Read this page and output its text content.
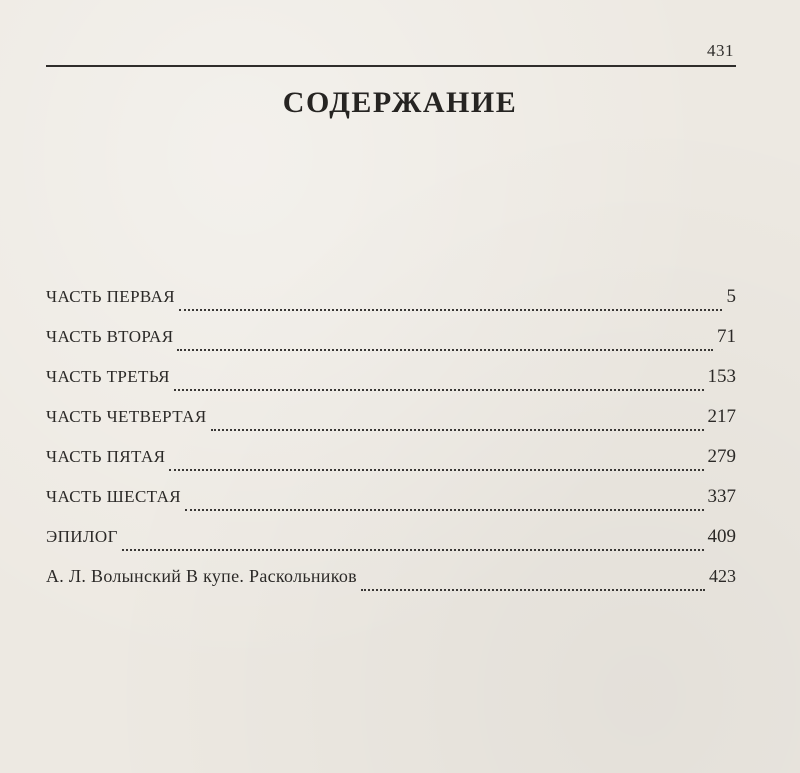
431
СОДЕРЖАНИЕ
ЧАСТЬ ПЕРВАЯ	5
ЧАСТЬ ВТОРАЯ	71
ЧАСТЬ ТРЕТЬЯ	153
ЧАСТЬ ЧЕТВЕРТАЯ	217
ЧАСТЬ ПЯТАЯ	279
ЧАСТЬ ШЕСТАЯ	337
ЭПИЛОГ	409
А. Л. Волынский В купе. Раскольников	423
